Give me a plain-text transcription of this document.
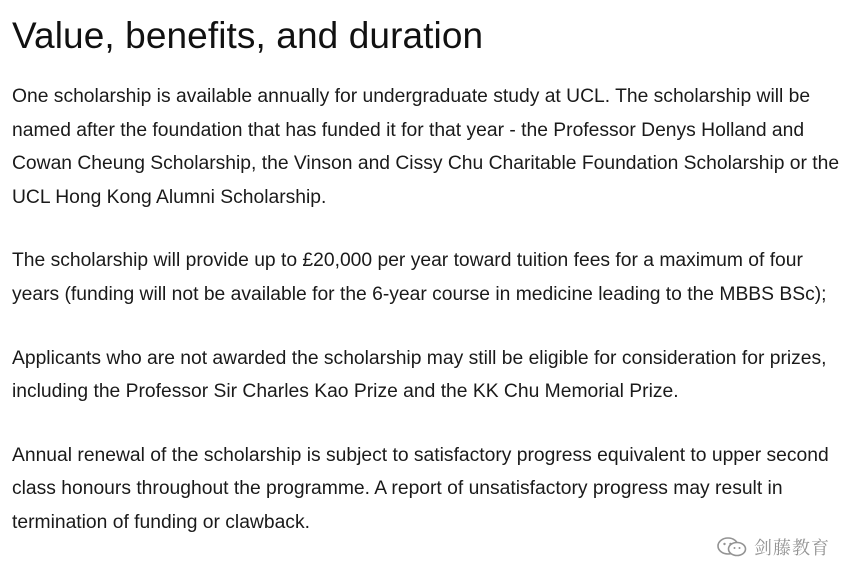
Value, benefits, and duration

One scholarship is available annually for undergraduate study at UCL. The scholarship will be named after the foundation that has funded it for that year - the Professor Denys Holland and Cowan Cheung Scholarship, the Vinson and Cissy Chu Charitable Foundation Scholarship or the UCL Hong Kong Alumni Scholarship.

The scholarship will provide up to £20,000 per year toward tuition fees for a maximum of four years (funding will not be available for the 6-year course in medicine leading to the MBBS BSc);

Applicants who are not awarded the scholarship may still be eligible for consideration for prizes, including the Professor Sir Charles Kao Prize and the KK Chu Memorial Prize.

Annual renewal of the scholarship is subject to satisfactory progress equivalent to upper second class honours throughout the programme. A report of unsatisfactory progress may result in termination of funding or clawback.

剑藤教育
